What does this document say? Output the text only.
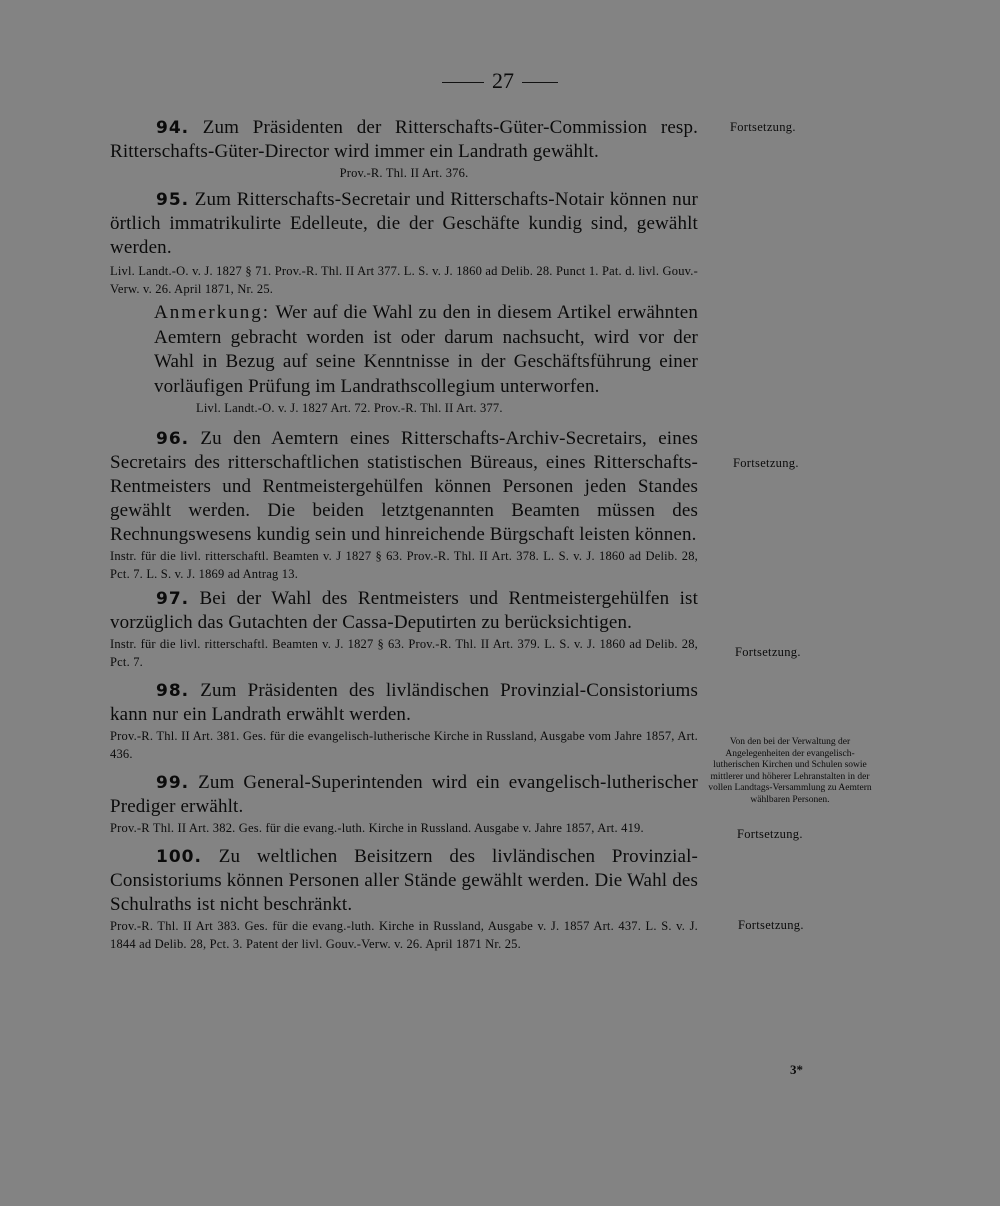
27

94. Zum Präsidenten der Ritterschafts-Güter-Commission resp. Ritterschafts-Güter-Director wird immer ein Landrath gewählt.

Prov.-R. Thl. II Art. 376.

95. Zum Ritterschafts-Secretair und Ritterschafts-Notair können nur örtlich immatrikulirte Edelleute, die der Geschäfte kundig sind, gewählt werden.

Livl. Landt.-O. v. J. 1827 § 71. Prov.-R. Thl. II Art 377. L. S. v. J. 1860 ad Delib. 28. Punct 1. Pat. d. livl. Gouv.-Verw. v. 26. April 1871, Nr. 25.

Anmerkung: Wer auf die Wahl zu den in diesem Artikel erwähnten Aemtern gebracht worden ist oder darum nachsucht, wird vor der Wahl in Bezug auf seine Kenntnisse in der Geschäftsführung einer vorläufigen Prüfung im Landrathscollegium unterworfen.

Livl. Landt.-O. v. J. 1827 Art. 72. Prov.-R. Thl. II Art. 377.

96. Zu den Aemtern eines Ritterschafts-Archiv-Secretairs, eines Secretairs des ritterschaftlichen statistischen Büreaus, eines Ritterschafts-Rentmeisters und Rentmeistergehülfen können Personen jeden Standes gewählt werden. Die beiden letztgenannten Beamten müssen des Rechnungswesens kundig sein und hinreichende Bürgschaft leisten können.

Instr. für die livl. ritterschaftl. Beamten v. J 1827 § 63. Prov.-R. Thl. II Art. 378. L. S. v. J. 1860 ad Delib. 28, Pct. 7. L. S. v. J. 1869 ad Antrag 13.

97. Bei der Wahl des Rentmeisters und Rentmeistergehülfen ist vorzüglich das Gutachten der Cassa-Deputirten zu berücksichtigen.

Instr. für die livl. ritterschaftl. Beamten v. J. 1827 § 63. Prov.-R. Thl. II Art. 379. L. S. v. J. 1860 ad Delib. 28, Pct. 7.

98. Zum Präsidenten des livländischen Provinzial-Consistoriums kann nur ein Landrath erwählt werden.

Prov.-R. Thl. II Art. 381. Ges. für die evangelisch-lutherische Kirche in Russland, Ausgabe vom Jahre 1857, Art. 436.

99. Zum General-Superintenden wird ein evangelisch-lutherischer Prediger erwählt.

Prov.-R Thl. II Art. 382. Ges. für die evang.-luth. Kirche in Russland. Ausgabe v. Jahre 1857, Art. 419.

100. Zu weltlichen Beisitzern des livländischen Provinzial-Consistoriums können Personen aller Stände gewählt werden. Die Wahl des Schulraths ist nicht beschränkt.

Prov.-R. Thl. II Art 383. Ges. für die evang.-luth. Kirche in Russland, Ausgabe v. J. 1857 Art. 437. L. S. v. J. 1844 ad Delib. 28, Pct. 3. Patent der livl. Gouv.-Verw. v. 26. April 1871 Nr. 25.
Fortsetzung.
Fortsetzung.
Fortsetzung.
Von den bei der Verwaltung der Angelegenheiten der evangelisch-lutherischen Kirchen und Schulen sowie mittlerer und höherer Lehranstalten in der vollen Landtags-Versammlung zu Aemtern wählbaren Personen.
Fortsetzung.
Fortsetzung.
3*
